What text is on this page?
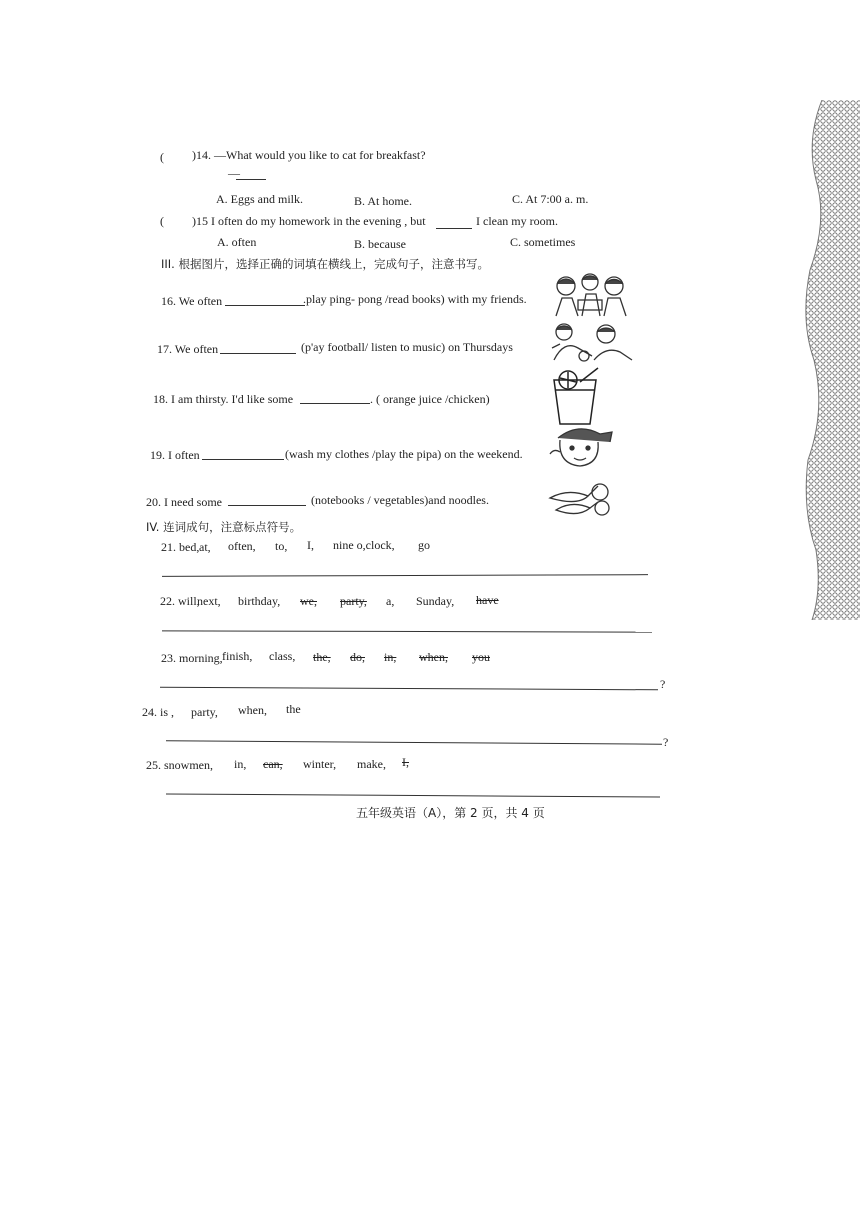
( )14. —What would you like to cat for breakfast?
—
A. Eggs and milk.	B. At home.	C. At 7:00 a. m.
( )15 I often do my homework in the evening , but	I clean my room.
A. often	B. because	C. sometimes
III. 根据图片，选择正确的词填在横线上，完成句子，注意书写。
16. We often	.play ping- pong /read books) with my friends.
17. We often	(p'ay football/ listen to music) on Thursdays
18. I am thirsty. I'd like some	. ( orange juice /chicken)
19. I often	(wash my clothes /play the pipa) on the weekend.
20. I need some	(notebooks / vegetables)and noodles.
IV. 连词成句，注意标点符号。
21. bed, at, often, to, I, nine o,clock, go
22. will,
next, birthday, we, party, a, Sunday, have
23. morning, finish, class, the, do, in, when, you
?
24. is , party, when, the
?
25. snowmen, in, can, winter, make, I,
五年级英语（A），第 2 页，共 4 页
